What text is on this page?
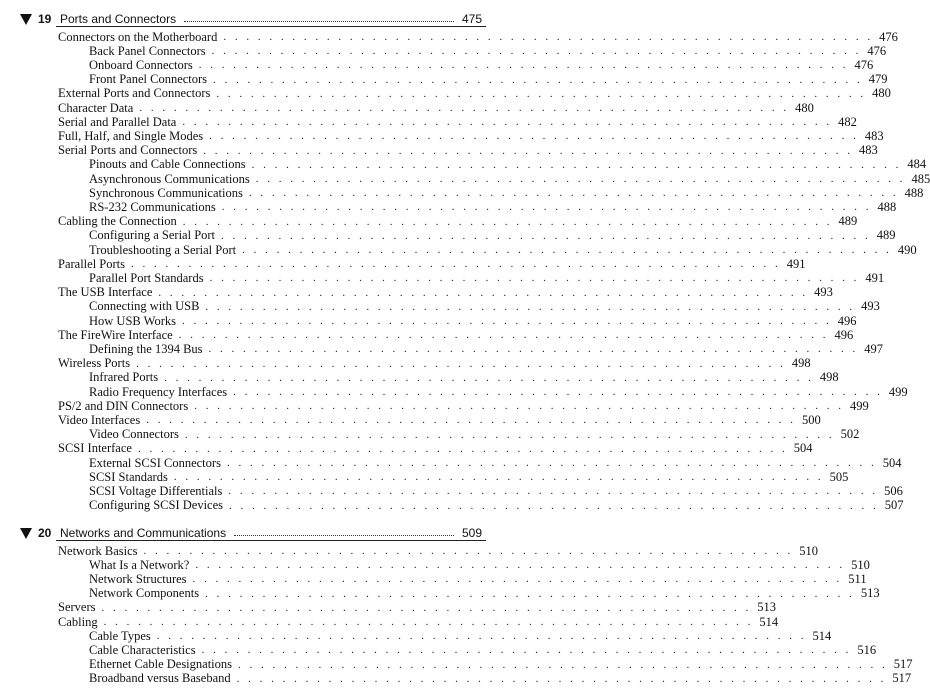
19 Ports and Connectors	475
Connectors on the Motherboard . . . . . . . . . . . . . . . . . . . . . . . . . . . . . . . . . . . . . . . . . . . . . . . . . . . . . . . . . 476
Back Panel Connectors . . . . . . . . . . . . . . . . . . . . . . . . . . . . . . . . . . . . . . . . . . . . . . . . . . . . . . . . . 476
Onboard Connectors . . . . . . . . . . . . . . . . . . . . . . . . . . . . . . . . . . . . . . . . . . . . . . . . . . . . . . . . . 476
Front Panel Connectors . . . . . . . . . . . . . . . . . . . . . . . . . . . . . . . . . . . . . . . . . . . . . . . . . . . . . . . . . 479
External Ports and Connectors . . . . . . . . . . . . . . . . . . . . . . . . . . . . . . . . . . . . . . . . . . . . . . . . . . . . . . . . . 480
Character Data . . . . . . . . . . . . . . . . . . . . . . . . . . . . . . . . . . . . . . . . . . . . . . . . . . . . . . . . . 480
Serial and Parallel Data . . . . . . . . . . . . . . . . . . . . . . . . . . . . . . . . . . . . . . . . . . . . . . . . . . . . . . . . . 482
Full, Half, and Single Modes . . . . . . . . . . . . . . . . . . . . . . . . . . . . . . . . . . . . . . . . . . . . . . . . . . . . . . . . . 483
Serial Ports and Connectors . . . . . . . . . . . . . . . . . . . . . . . . . . . . . . . . . . . . . . . . . . . . . . . . . . . . . . . . . 483
Pinouts and Cable Connections . . . . . . . . . . . . . . . . . . . . . . . . . . . . . . . . . . . . . . . . . . . . . . . . . . . . . . . . . 484
Asynchronous Communications . . . . . . . . . . . . . . . . . . . . . . . . . . . . . . . . . . . . . . . . . . . . . . . . . . . . . . . . . 485
Synchronous Communications . . . . . . . . . . . . . . . . . . . . . . . . . . . . . . . . . . . . . . . . . . . . . . . . . . . . . . . . . 488
RS-232 Communications . . . . . . . . . . . . . . . . . . . . . . . . . . . . . . . . . . . . . . . . . . . . . . . . . . . . . . . . . 488
Cabling the Connection . . . . . . . . . . . . . . . . . . . . . . . . . . . . . . . . . . . . . . . . . . . . . . . . . . . . . . . . . 489
Configuring a Serial Port . . . . . . . . . . . . . . . . . . . . . . . . . . . . . . . . . . . . . . . . . . . . . . . . . . . . . . . . . 489
Troubleshooting a Serial Port . . . . . . . . . . . . . . . . . . . . . . . . . . . . . . . . . . . . . . . . . . . . . . . . . . . . . . . . . 490
Parallel Ports . . . . . . . . . . . . . . . . . . . . . . . . . . . . . . . . . . . . . . . . . . . . . . . . . . . . . . . . . 491
Parallel Port Standards . . . . . . . . . . . . . . . . . . . . . . . . . . . . . . . . . . . . . . . . . . . . . . . . . . . . . . . . . 491
The USB Interface . . . . . . . . . . . . . . . . . . . . . . . . . . . . . . . . . . . . . . . . . . . . . . . . . . . . . . . . . 493
Connecting with USB . . . . . . . . . . . . . . . . . . . . . . . . . . . . . . . . . . . . . . . . . . . . . . . . . . . . . . . . . 493
How USB Works . . . . . . . . . . . . . . . . . . . . . . . . . . . . . . . . . . . . . . . . . . . . . . . . . . . . . . . . . 496
The FireWire Interface . . . . . . . . . . . . . . . . . . . . . . . . . . . . . . . . . . . . . . . . . . . . . . . . . . . . . . . . . 496
Defining the 1394 Bus . . . . . . . . . . . . . . . . . . . . . . . . . . . . . . . . . . . . . . . . . . . . . . . . . . . . . . . . . 497
Wireless Ports . . . . . . . . . . . . . . . . . . . . . . . . . . . . . . . . . . . . . . . . . . . . . . . . . . . . . . . . . 498
Infrared Ports . . . . . . . . . . . . . . . . . . . . . . . . . . . . . . . . . . . . . . . . . . . . . . . . . . . . . . . . . 498
Radio Frequency Interfaces . . . . . . . . . . . . . . . . . . . . . . . . . . . . . . . . . . . . . . . . . . . . . . . . . . . . . . . . . 499
PS/2 and DIN Connectors . . . . . . . . . . . . . . . . . . . . . . . . . . . . . . . . . . . . . . . . . . . . . . . . . . . . . . . . . 499
Video Interfaces . . . . . . . . . . . . . . . . . . . . . . . . . . . . . . . . . . . . . . . . . . . . . . . . . . . . . . . . . 500
Video Connectors . . . . . . . . . . . . . . . . . . . . . . . . . . . . . . . . . . . . . . . . . . . . . . . . . . . . . . . . . 502
SCSI Interface . . . . . . . . . . . . . . . . . . . . . . . . . . . . . . . . . . . . . . . . . . . . . . . . . . . . . . . . . 504
External SCSI Connectors . . . . . . . . . . . . . . . . . . . . . . . . . . . . . . . . . . . . . . . . . . . . . . . . . . . . . . . . . 504
SCSI Standards . . . . . . . . . . . . . . . . . . . . . . . . . . . . . . . . . . . . . . . . . . . . . . . . . . . . . . . . . 505
SCSI Voltage Differentials . . . . . . . . . . . . . . . . . . . . . . . . . . . . . . . . . . . . . . . . . . . . . . . . . . . . . . . . . 506
Configuring SCSI Devices . . . . . . . . . . . . . . . . . . . . . . . . . . . . . . . . . . . . . . . . . . . . . . . . . . . . . . . . . 507
20 Networks and Communications	509
Network Basics . . . . . . . . . . . . . . . . . . . . . . . . . . . . . . . . . . . . . . . . . . . . . . . . . . . . . . . . . 510
What Is a Network? . . . . . . . . . . . . . . . . . . . . . . . . . . . . . . . . . . . . . . . . . . . . . . . . . . . . . . . . . 510
Network Structures . . . . . . . . . . . . . . . . . . . . . . . . . . . . . . . . . . . . . . . . . . . . . . . . . . . . . . . . . 511
Network Components . . . . . . . . . . . . . . . . . . . . . . . . . . . . . . . . . . . . . . . . . . . . . . . . . . . . . . . . . 513
Servers . . . . . . . . . . . . . . . . . . . . . . . . . . . . . . . . . . . . . . . . . . . . . . . . . . . . . . . . . 513
Cabling . . . . . . . . . . . . . . . . . . . . . . . . . . . . . . . . . . . . . . . . . . . . . . . . . . . . . . . . . 514
Cable Types . . . . . . . . . . . . . . . . . . . . . . . . . . . . . . . . . . . . . . . . . . . . . . . . . . . . . . . . . 514
Cable Characteristics . . . . . . . . . . . . . . . . . . . . . . . . . . . . . . . . . . . . . . . . . . . . . . . . . . . . . . . . . 516
Ethernet Cable Designations . . . . . . . . . . . . . . . . . . . . . . . . . . . . . . . . . . . . . . . . . . . . . . . . . . . . . . . . . 517
Broadband versus Baseband . . . . . . . . . . . . . . . . . . . . . . . . . . . . . . . . . . . . . . . . . . . . . . . . . . . . . . . . . 517
